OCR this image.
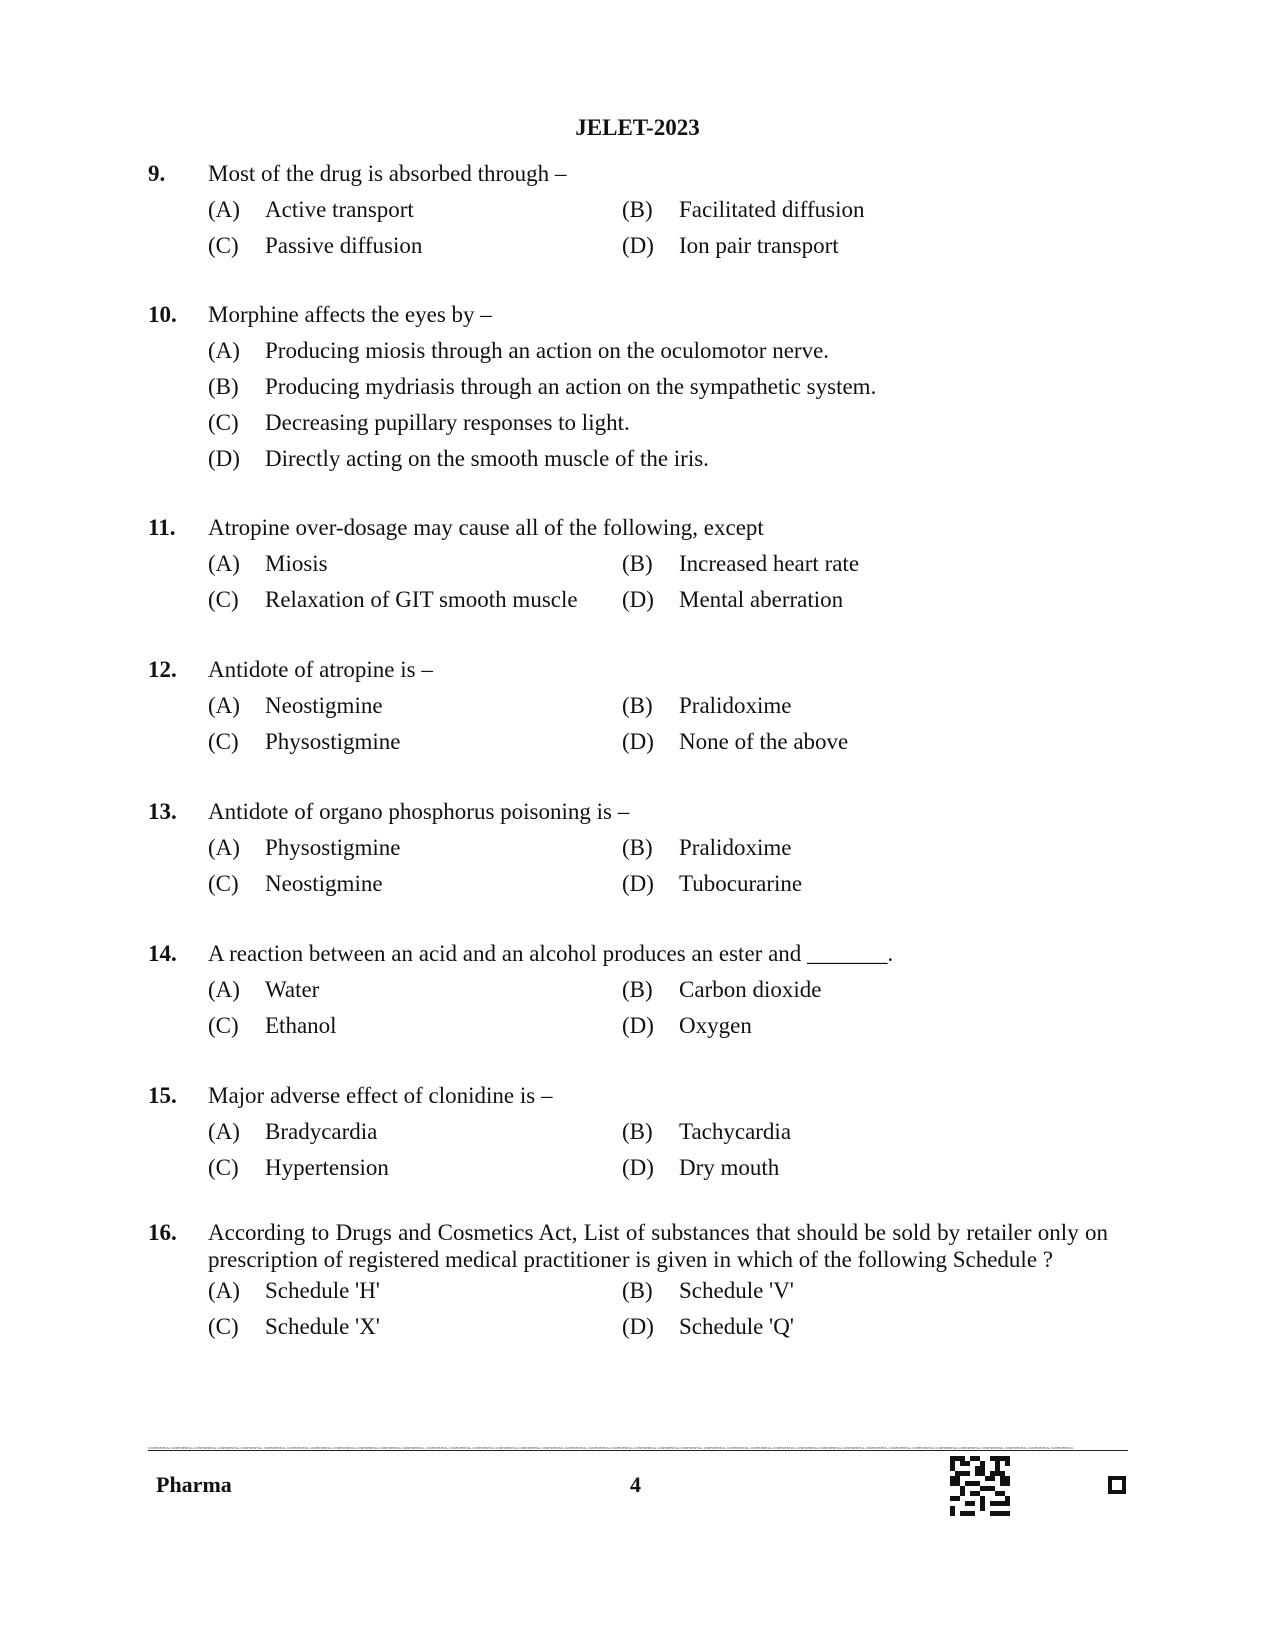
JELET-2023
9. Most of the drug is absorbed through –
(A) Active transport	(B) Facilitated diffusion
(C) Passive diffusion	(D) Ion pair transport
10. Morphine affects the eyes by –
(A) Producing miosis through an action on the oculomotor nerve.
(B) Producing mydriasis through an action on the sympathetic system.
(C) Decreasing pupillary responses to light.
(D) Directly acting on the smooth muscle of the iris.
11. Atropine over-dosage may cause all of the following, except
(A) Miosis	(B) Increased heart rate
(C) Relaxation of GIT smooth muscle (D) Mental aberration
12. Antidote of atropine is –
(A) Neostigmine	(B) Pralidoxime
(C) Physostigmine	(D) None of the above
13. Antidote of organo phosphorus poisoning is –
(A) Physostigmine	(B) Pralidoxime
(C) Neostigmine	(D) Tubocurarine
14. A reaction between an acid and an alcohol produces an ester and _______.
(A) Water	(B) Carbon dioxide
(C) Ethanol	(D) Oxygen
15. Major adverse effect of clonidine is –
(A) Bradycardia	(B) Tachycardia
(C) Hypertension	(D) Dry mouth
16. According to Drugs and Cosmetics Act, List of substances that should be sold by retailer only on prescription of registered medical practitioner is given in which of the following Schedule ?
(A) Schedule 'H'	(B) Schedule 'V'
(C) Schedule 'X'	(D) Schedule 'Q'
CONFIDENTIAL CONFIDENTIAL CONFIDENTIAL CONFIDENTIAL CONFIDENTIAL CONFIDENTIAL CONFIDENTIAL CONFIDENTIAL CONFIDENTIAL CONFIDENTIAL CONFIDENTIAL CONFIDENTIAL CONFIDENTIAL CONFIDENTIAL CONFIDENTIAL CONFIDENTIAL CONFIDENTIAL CONFIDENTIAL CONFIDENTIAL CONFIDENTIAL CONFIDENTIAL CONFIDENTIAL CONFIDENTIAL CONFIDENTIAL CONFIDENTIAL CONFIDENTIAL CONFIDENTIAL CONFIDENTIAL CONFIDENTIAL CONFIDENTIAL CONFIDENTIAL CONFIDENTIAL CONFIDENTIAL CONFIDENTIAL CONFIDENTIAL CONFIDENTIAL CONFIDENTIAL CONFIDENTIAL CONFIDENTIAL CONFIDENTIAL
Pharma	4
